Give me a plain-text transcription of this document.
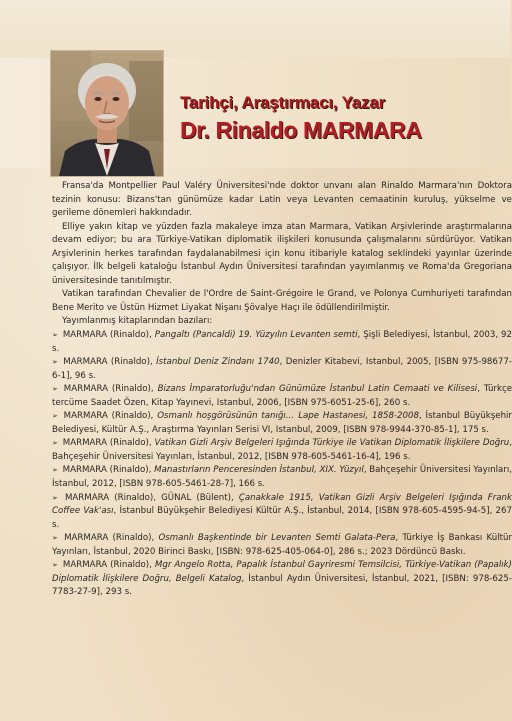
Tarihçi, Araştırmacı, Yazar
Dr. Rinaldo MARMARA

Fransa'da Montpellier Paul Valéry Üniversitesi'nde doktor unvanı alan Rinaldo Marmara'nın Doktora tezinin konusu: Bizans'tan günümüze kadar Latin veya Levanten cemaatinin kuruluş, yükselme ve gerileme dönemleri hakkındadır.

Elliye yakın kitap ve yüzden fazla makaleye imza atan Marmara, Vatikan Arşivlerinde araştırmalarına devam ediyor; bu ara Türkiye-Vatikan diplomatik ilişkileri konusunda çalışmalarını sürdürüyor. Vatikan Arşivlerinin herkes tarafından faydalanabilmesi için konu itibariyle katalog seklindeki yayınlar üzerinde çalışıyor. İlk belgeli kataloğu İstanbul Aydın Üniversitesi tarafından yayımlanmış ve Roma'da Gregoriana üniversitesinde tanıtılmıştır.

Vatikan tarafından Chevalier de l'Ordre de Saint-Grégoire le Grand, ve Polonya Cumhuriyeti tarafından Bene Merito ve Üstün Hizmet Liyakat Nişanı Şövalye Haçı ile ödüllendirilmiştir.

Yayımlanmış kitaplarından bazıları:

➢ MARMARA (Rinaldo), Pangaltı (Pancaldi) 19. Yüzyılın Levanten semti, Şişli Belediyesi, İstanbul, 2003, 92 s.

➢ MARMARA (Rinaldo), İstanbul Deniz Zindanı 1740, Denizler Kitabevi, Istanbul, 2005, [ISBN 975-98677-6-1], 96 s.

➢ MARMARA (Rinaldo), Bizans İmparatorluğu'ndan Günümüze İstanbul Latin Cemaati ve Kilisesi, Türkçe tercüme Saadet Özen, Kitap Yayınevi, Istanbul, 2006, [ISBN 975-6051-25-6], 260 s.

➢ MARMARA (Rinaldo), Osmanlı hoşgörüsünün tanığı… Lape Hastanesi, 1858-2008, İstanbul Büyükşehir Belediyesi, Kültür A.Ş., Araştırma Yayınları Serisi VI, Istanbul, 2009, [ISBN 978-9944-370-85-1], 175 s.

➢ MARMARA (Rinaldo), Vatikan Gizli Arşiv Belgeleri Işığında Türkiye ile Vatikan Diplomatik İlişkilere Doğru, Bahçeşehir Üniversitesi Yayınları, İstanbul, 2012, [ISBN 978-605-5461-16-4], 196 s.

➢ MARMARA (Rinaldo), Manastırların Penceresinden İstanbul, XIX. Yüzyıl, Bahçeşehir Üniversitesi Yayınları, İstanbul, 2012, [ISBN 978-605-5461-28-7], 166 s.

➢ MARMARA (Rinaldo), GÜNAL (Bülent), Çanakkale 1915, Vatikan Gizli Arşiv Belgeleri Işığında Frank Coffee Vak'ası, İstanbul Büyükşehir Belediyesi Kültür A.Ş., İstanbul, 2014, [ISBN 978-605-4595-94-5], 267 s.

➢ MARMARA (Rinaldo), Osmanlı Başkentinde bir Levanten Semti Galata-Pera, Türkiye İş Bankası Kültür Yayınları, İstanbul, 2020 Birinci Baskı, [ISBN: 978-625-405-064-0], 286 s.; 2023 Dördüncü Baskı.

➢ MARMARA (Rinaldo), Mgr Angelo Rotta, Papalık İstanbul Gayriresmi Temsilcisi, Türkiye-Vatikan (Papalık) Diplomatik İlişkilere Doğru, Belgeli Katalog, İstanbul Aydın Üniversitesi, İstanbul, 2021, [ISBN: 978-625-7783-27-9], 293 s.
